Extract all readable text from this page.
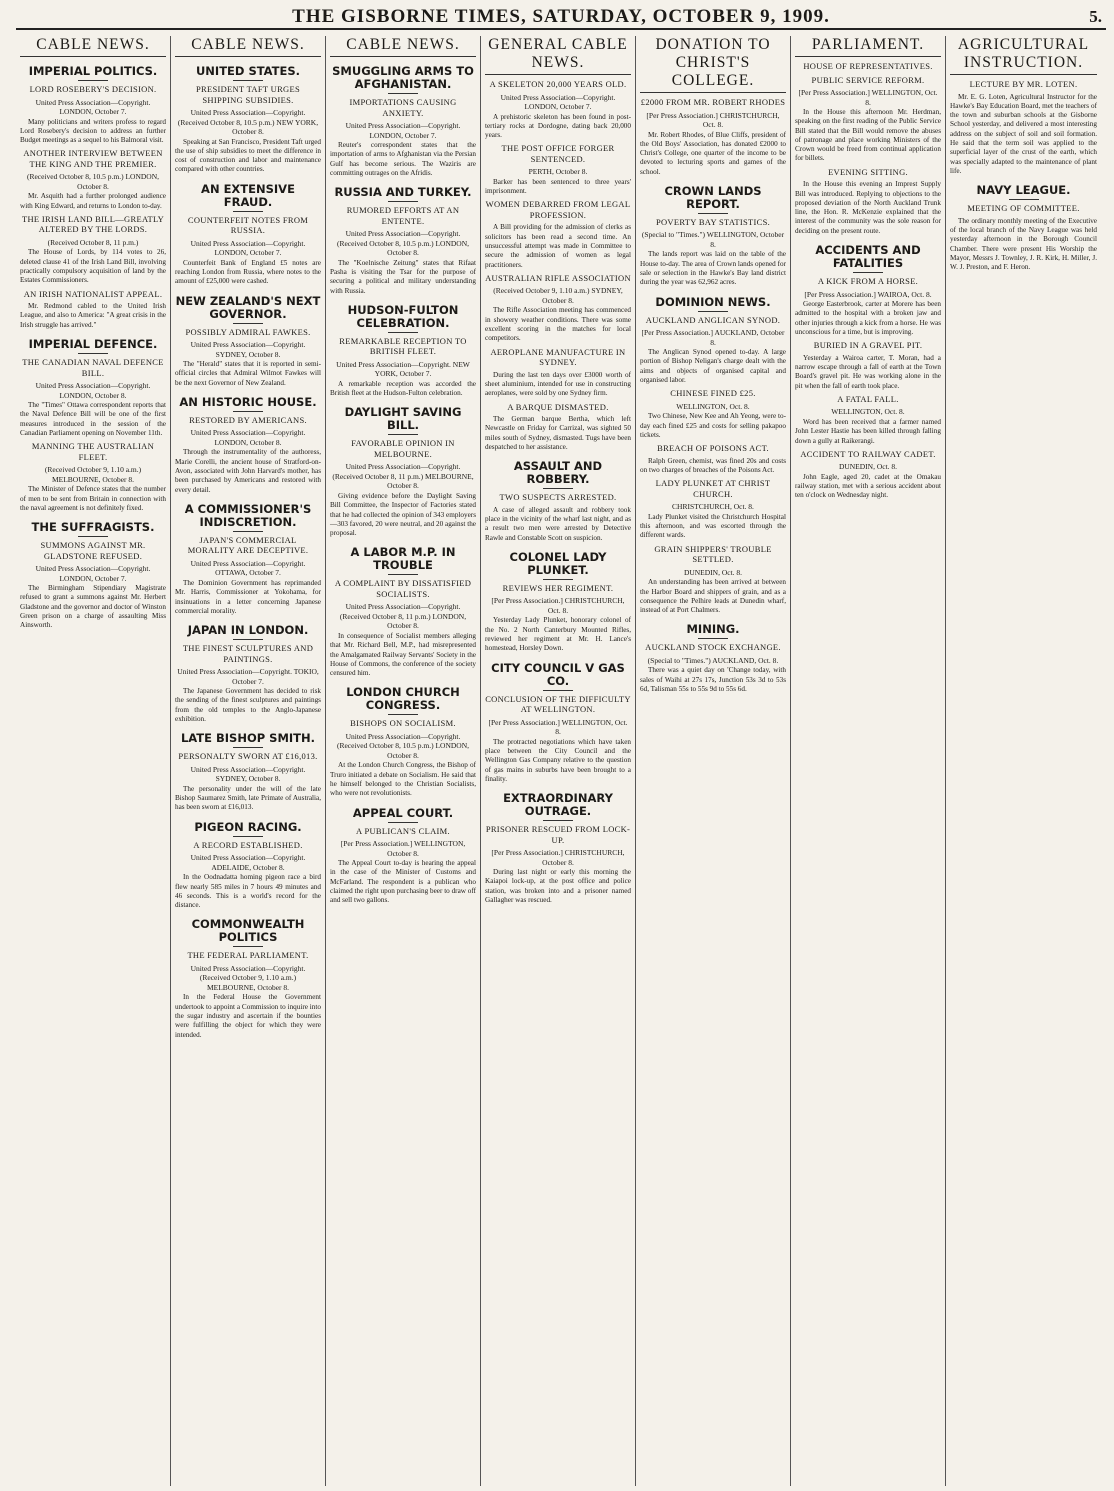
THE GISBORNE TIMES, SATURDAY, OCTOBER 9, 1909.	5.
CABLE NEWS.
IMPERIAL POLITICS.
LORD ROSEBERY'S DECISION.
United Press Association—Copyright. LONDON, October 7.

Many politicians and writers profess to regard Lord Rosebery's decision to address an further Budget meetings as a sequel to his Balmoral visit.

ANOTHER INTERVIEW BETWEEN THE KING AND THE PREMIER.
(Received October 8, 10.5 p.m.) LONDON, October 8.

Mr. Asquith had a further prolonged audience with King Edward, and returns to London to-day.

THE IRISH LAND BILL—GREATLY ALTERED BY THE LORDS.
(Received October 8, 11 p.m.)

The House of Lords, by 114 votes to 26, deleted clause 41 of the Irish Land Bill, involving practically compulsory acquisition of land by the Estates Commissioners.

AN IRISH NATIONALIST APPEAL.

Mr. Redmond cabled to the United Irish League, and also to America: "A great crisis in the Irish struggle has arrived."

IMPERIAL DEFENCE.
THE CANADIAN NAVAL DEFENCE BILL.
United Press Association—Copyright. LONDON, October 8.

The "Times" Ottawa correspondent reports that the Naval Defence Bill will be one of the first measures introduced in the session of the Canadian Parliament opening on November 11th.

MANNING THE AUSTRALIAN FLEET.
(Received October 9, 1.10 a.m.) MELBOURNE, October 8.

The Minister of Defence states that the number of men to be sent from Britain in connection with the naval agreement is not definitely fixed.

THE SUFFRAGISTS.
SUMMONS AGAINST MR. GLADSTONE REFUSED.
United Press Association—Copyright. LONDON, October 7.

The Birmingham Stipendiary Magistrate refused to grant a summons against Mr. Herbert Gladstone and the governor and doctor of Winston Green prison on a charge of assaulting Miss Ainsworth.

CABLE NEWS.
UNITED STATES.
PRESIDENT TAFT URGES SHIPPING SUBSIDIES.
United Press Association—Copyright. (Received October 8, 10.5 p.m.) NEW YORK, October 8.

Speaking at San Francisco, President Taft urged the use of ship subsidies to meet the difference in cost of construction and labor and maintenance compared with other countries.

AN EXTENSIVE FRAUD.
COUNTERFEIT NOTES FROM RUSSIA.
United Press Association—Copyright. LONDON, October 7.

Counterfeit Bank of England £5 notes are reaching London from Russia, where notes to the amount of £25,000 were cashed.

NEW ZEALAND'S NEXT GOVERNOR.
POSSIBLY ADMIRAL FAWKES.
United Press Association—Copyright. SYDNEY, October 8.

The "Herald" states that it is reported in semi-official circles that Admiral Wilmot Fawkes will be the next Governor of New Zealand.

AN HISTORIC HOUSE.
RESTORED BY AMERICANS.
United Press Association—Copyright. LONDON, October 8.

Through the instrumentality of the authoress, Marie Corelli, the ancient house of Stratford-on-Avon, associated with John Harvard's mother, has been purchased by Americans and restored with every detail.

A COMMISSIONER'S INDISCRETION.
JAPAN'S COMMERCIAL MORALITY ARE DECEPTIVE.
United Press Association—Copyright. OTTAWA, October 7.

The Dominion Government has reprimanded Mr. Harris, Commissioner at Yokohama, for insinuations in a letter concerning Japanese commercial morality.

JAPAN IN LONDON.
THE FINEST SCULPTURES AND PAINTINGS.
United Press Association—Copyright. TOKIO, October 7.

The Japanese Government has decided to risk the sending of the finest sculptures and paintings from the old temples to the Anglo-Japanese exhibition.

LATE BISHOP SMITH.
PERSONALTY SWORN AT £16,013.
United Press Association—Copyright. SYDNEY, October 8.

The personality under the will of the late Bishop Saumarez Smith, late Primate of Australia, has been sworn at £16,013.

PIGEON RACING.
A RECORD ESTABLISHED.
United Press Association—Copyright. ADELAIDE, October 8.

In the Oodnadatta homing pigeon race a bird flew nearly 585 miles in 7 hours 49 minutes and 46 seconds. This is a world's record for the distance.

COMMONWEALTH POLITICS
THE FEDERAL PARLIAMENT.
United Press Association—Copyright. (Received October 9, 1.10 a.m.) MELBOURNE, October 8.

In the Federal House the Government undertook to appoint a Commission to inquire into the sugar industry and ascertain if the bounties were fulfilling the object for which they were intended.

CABLE NEWS.
SMUGGLING ARMS TO AFGHANISTAN.
IMPORTATIONS CAUSING ANXIETY.
United Press Association—Copyright. LONDON, October 7.

Reuter's correspondent states that the importation of arms to Afghanistan via the Persian Gulf has become serious. The Waziris are committing outrages on the Afridis.

RUSSIA AND TURKEY.
RUMORED EFFORTS AT AN ENTENTE.
United Press Association—Copyright. (Received October 8, 10.5 p.m.) LONDON, October 8.

The "Koelnische Zeitung" states that Rifaat Pasha is visiting the Tsar for the purpose of securing a political and military understanding with Russia.

HUDSON-FULTON CELEBRATION.
REMARKABLE RECEPTION TO BRITISH FLEET.
United Press Association—Copyright. NEW YORK, October 7.

A remarkable reception was accorded the British fleet at the Hudson-Fulton celebration.

DAYLIGHT SAVING BILL.
FAVORABLE OPINION IN MELBOURNE.
United Press Association—Copyright. (Received October 8, 11 p.m.) MELBOURNE, October 8.

Giving evidence before the Daylight Saving Bill Committee, the Inspector of Factories stated that he had collected the opinion of 343 employers—303 favored, 20 were neutral, and 20 against the proposal.

A LABOR M.P. IN TROUBLE
A COMPLAINT BY DISSATISFIED SOCIALISTS.
United Press Association—Copyright. (Received October 8, 11 p.m.) LONDON, October 8.

In consequence of Socialist members alleging that Mr. Richard Bell, M.P., had misrepresented the Amalgamated Railway Servants' Society in the House of Commons, the conference of the society censured him.

LONDON CHURCH CONGRESS.
BISHOPS ON SOCIALISM.
United Press Association—Copyright. (Received October 8, 10.5 p.m.) LONDON, October 8.

At the London Church Congress, the Bishop of Truro initiated a debate on Socialism. He said that he himself belonged to the Christian Socialists, who were not revolutionists.

APPEAL COURT.
A PUBLICAN'S CLAIM.
[Per Press Association.] WELLINGTON, October 8.

The Appeal Court to-day is hearing the appeal in the case of the Minister of Customs and McFarland. The respondent is a publican who claimed the right upon purchasing beer to draw off and sell two gallons.

GENERAL CABLE NEWS.
A SKELETON 20,000 YEARS OLD.
United Press Association—Copyright. LONDON, October 7.

A prehistoric skeleton has been found in post-tertiary rocks at Dordogne, dating back 20,000 years.

THE POST OFFICE FORGER SENTENCED.
PERTH, October 8.

Barker has been sentenced to three years' imprisonment.

WOMEN DEBARRED FROM LEGAL PROFESSION.

A Bill providing for the admission of clerks as solicitors has been read a second time. An unsuccessful attempt was made in Committee to secure the admission of women as legal practitioners.

AUSTRALIAN RIFLE ASSOCIATION
(Received October 9, 1.10 a.m.) SYDNEY, October 8.

The Rifle Association meeting has commenced in showery weather conditions. There was some excellent scoring in the matches for local competitors.

AEROPLANE MANUFACTURE IN SYDNEY.

During the last ten days over £3000 worth of sheet aluminium, intended for use in constructing aeroplanes, were sold by one Sydney firm.

A BARQUE DISMASTED.

The German barque Bertha, which left Newcastle on Friday for Carrizal, was sighted 50 miles south of Sydney, dismasted. Tugs have been despatched to her assistance.

ASSAULT AND ROBBERY.
TWO SUSPECTS ARRESTED.

A case of alleged assault and robbery took place in the vicinity of the wharf last night, and as a result two men were arrested by Detective Rawle and Constable Scott on suspicion.

COLONEL LADY PLUNKET.
REVIEWS HER REGIMENT.
[Per Press Association.] CHRISTCHURCH, Oct. 8.

Yesterday Lady Plunket, honorary colonel of the No. 2 North Canterbury Mounted Rifles, reviewed her regiment at Mr. H. Lance's homestead, Horsley Down.

CITY COUNCIL V GAS CO.
CONCLUSION OF THE DIFFICULTY AT WELLINGTON.
[Per Press Association.] WELLINGTON, Oct. 8.

The protracted negotiations which have taken place between the City Council and the Wellington Gas Company relative to the question of gas mains in suburbs have been brought to a finality.

EXTRAORDINARY OUTRAGE.
PRISONER RESCUED FROM LOCK-UP.
[Per Press Association.] CHRISTCHURCH, October 8.

During last night or early this morning the Kaiapoi lock-up, at the post office and police station, was broken into and a prisoner named Gallagher was rescued.

DONATION TO CHRIST'S COLLEGE.
£2000 FROM MR. ROBERT RHODES
[Per Press Association.] CHRISTCHURCH, Oct. 8.

Mr. Robert Rhodes, of Blue Cliffs, president of the Old Boys' Association, has donated £2000 to Christ's College, one quarter of the income to be devoted to lecturing sports and games of the school.

CROWN LANDS REPORT.
POVERTY BAY STATISTICS.
(Special to "Times.") WELLINGTON, October 8.

The lands report was laid on the table of the House to-day. The area of Crown lands opened for sale or selection in the Hawke's Bay land district during the year was 62,962 acres.

DOMINION NEWS.
AUCKLAND ANGLICAN SYNOD.
[Per Press Association.] AUCKLAND, October 8.

The Anglican Synod opened to-day. A large portion of Bishop Neligan's charge dealt with the aims and objects of organised capital and organised labor.

CHINESE FINED £25.
WELLINGTON, Oct. 8.

Two Chinese, New Kee and Ah Yeong, were to-day each fined £25 and costs for selling pakapoo tickets.

BREACH OF POISONS ACT.

Ralph Green, chemist, was fined 20s and costs on two charges of breaches of the Poisons Act.

LADY PLUNKET AT CHRIST CHURCH.
CHRISTCHURCH, Oct. 8.

Lady Plunket visited the Christchurch Hospital this afternoon, and was escorted through the different wards.

GRAIN SHIPPERS' TROUBLE SETTLED.
DUNEDIN, Oct. 8.

An understanding has been arrived at between the Harbor Board and shippers of grain, and as a consequence the Pelhire leads at Dunedin wharf, instead of at Port Chalmers.

MINING.
AUCKLAND STOCK EXCHANGE.
(Special to "Times.") AUCKLAND, Oct. 8.

There was a quiet day on 'Change today, with sales of Waihi at 27s 17s, Junction 53s 3d to 53s 6d, Talisman 55s to 55s 9d to 55s 6d.

PARLIAMENT.
HOUSE OF REPRESENTATIVES.
PUBLIC SERVICE REFORM.
[Per Press Association.] WELLINGTON, Oct. 8.

In the House this afternoon Mr. Herdman, speaking on the first reading of the Public Service Bill stated that the Bill would remove the abuses of patronage and place working Ministers of the Crown would be freed from continual application for billets.

EVENING SITTING.

In the House this evening an Imprest Supply Bill was introduced. Replying to objections to the proposed deviation of the North Auckland Trunk line, the Hon. R. McKenzie explained that the interest of the community was the sole reason for deciding on the present route.

ACCIDENTS AND FATALITIES
A KICK FROM A HORSE.
[Per Press Association.] WAIROA, Oct. 8.

George Easterbrook, carter at Morere has been admitted to the hospital with a broken jaw and other injuries through a kick from a horse. He was unconscious for a time, but is improving.

BURIED IN A GRAVEL PIT.

Yesterday a Wairoa carter, T. Moran, had a narrow escape through a fall of earth at the Town Board's gravel pit. He was working alone in the pit when the fall of earth took place.

A FATAL FALL.
WELLINGTON, Oct. 8.

Word has been received that a farmer named John Lester Hastie has been killed through falling down a gully at Raikerangi.

ACCIDENT TO RAILWAY CADET.
DUNEDIN, Oct. 8.

John Eagle, aged 20, cadet at the Omakau railway station, met with a serious accident about ten o'clock on Wednesday night.

AGRICULTURAL INSTRUCTION.
LECTURE BY MR. LOTEN.

Mr. E. G. Loten, Agricultural Instructor for the Hawke's Bay Education Board, met the teachers of the town and suburban schools at the Gisborne School yesterday, and delivered a most interesting address on the subject of soil and soil formation. He said that the term soil was applied to the superficial layer of the crust of the earth, which was specially adapted to the maintenance of plant life.

NAVY LEAGUE.
MEETING OF COMMITTEE.

The ordinary monthly meeting of the Executive of the local branch of the Navy League was held yesterday afternoon in the Borough Council Chamber. There were present His Worship the Mayor, Messrs J. Townley, J. R. Kirk, H. Miller, J. W. J. Preston, and F. Heron.
